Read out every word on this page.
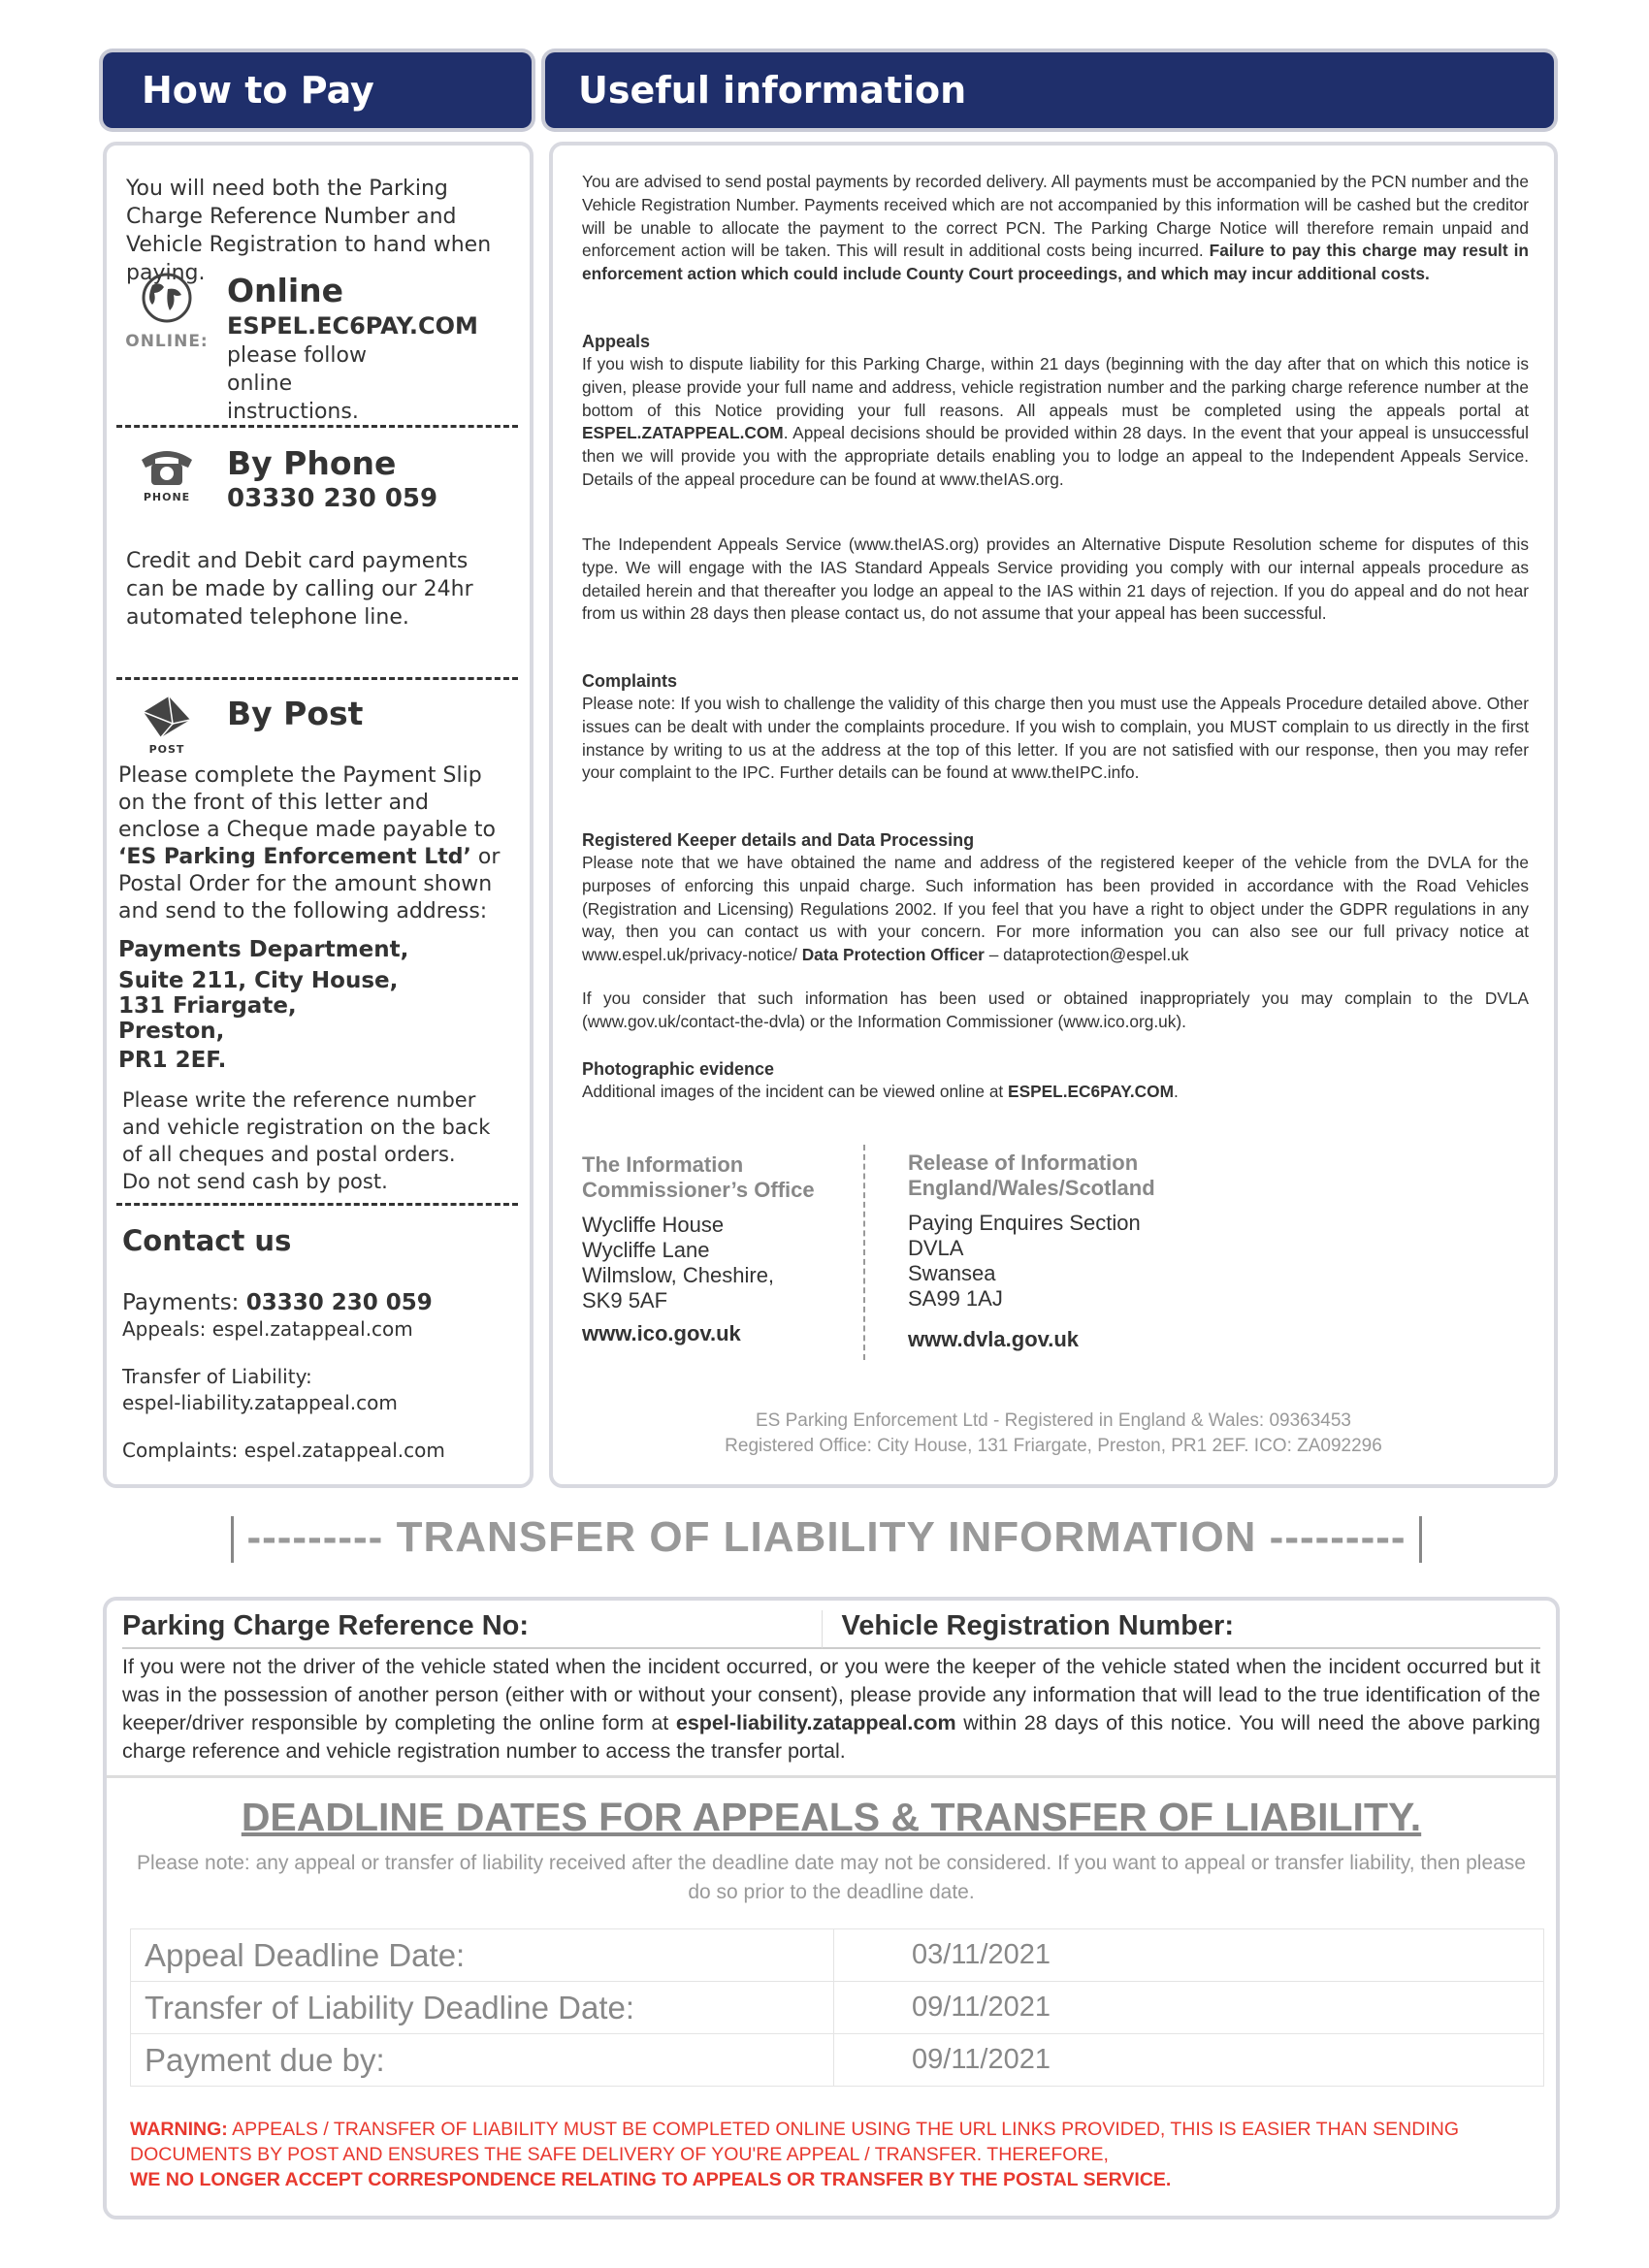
How to Pay	Useful information
You will need both the Parking Charge Reference Number and Vehicle Registration to hand when paying.
ONLINE:
Online
ESPEL.EC6PAY.COM
please follow online instructions.
PHONE
By Phone
03330 230 059
Credit and Debit card payments can be made by calling our 24hr automated telephone line.
POST
By Post
Please complete the Payment Slip on the front of this letter and enclose a Cheque made payable to ‘ES Parking Enforcement Ltd’ or Postal Order for the amount shown and send to the following address:
Payments Department,
Suite 211, City House,
131 Friargate,
Preston,
PR1 2EF.
Please write the reference number and vehicle registration on the back of all cheques and postal orders.
Do not send cash by post.
Contact us
Payments: 03330 230 059
Appeals: espel.zatappeal.com
Transfer of Liability:
espel-liability.zatappeal.com
Complaints: espel.zatappeal.com
You are advised to send postal payments by recorded delivery. All payments must be accompanied by the PCN number and the Vehicle Registration Number. Payments received which are not accompanied by this information will be cashed but the creditor will be unable to allocate the payment to the correct PCN. The Parking Charge Notice will therefore remain unpaid and enforcement action will be taken. This will result in additional costs being incurred. Failure to pay this charge may result in enforcement action which could include County Court proceedings, and which may incur additional costs.
Appeals
If you wish to dispute liability for this Parking Charge, within 21 days (beginning with the day after that on which this notice is given, please provide your full name and address, vehicle registration number and the parking charge reference number at the bottom of this Notice providing your full reasons. All appeals must be completed using the appeals portal at ESPEL.ZATAPPEAL.COM. Appeal decisions should be provided within 28 days. In the event that your appeal is unsuccessful then we will provide you with the appropriate details enabling you to lodge an appeal to the Independent Appeals Service. Details of the appeal procedure can be found at www.theIAS.org.
The Independent Appeals Service (www.theIAS.org) provides an Alternative Dispute Resolution scheme for disputes of this type. We will engage with the IAS Standard Appeals Service providing you comply with our internal appeals procedure as detailed herein and that thereafter you lodge an appeal to the IAS within 21 days of rejection. If you do appeal and do not hear from us within 28 days then please contact us, do not assume that your appeal has been successful.
Complaints
Please note: If you wish to challenge the validity of this charge then you must use the Appeals Procedure detailed above. Other issues can be dealt with under the complaints procedure. If you wish to complain, you MUST complain to us directly in the first instance by writing to us at the address at the top of this letter. If you are not satisfied with our response, then you may refer your complaint to the IPC. Further details can be found at www.theIPC.info.
Registered Keeper details and Data Processing
Please note that we have obtained the name and address of the registered keeper of the vehicle from the DVLA for the purposes of enforcing this unpaid charge. Such information has been provided in accordance with the Road Vehicles (Registration and Licensing) Regulations 2002. If you feel that you have a right to object under the GDPR regulations in any way, then you can contact us with your concern. For more information you can also see our full privacy notice at www.espel.uk/privacy-notice/ Data Protection Officer – dataprotection@espel.uk
If you consider that such information has been used or obtained inappropriately you may complain to the DVLA (www.gov.uk/contact-the-dvla) or the Information Commissioner (www.ico.org.uk).
Photographic evidence
Additional images of the incident can be viewed online at ESPEL.EC6PAY.COM.
The Information
Commissioner’s Office
Wycliffe House
Wycliffe Lane
Wilmslow, Cheshire,
SK9 5AF
www.ico.gov.uk
Release of Information
England/Wales/Scotland
Paying Enquires Section
DVLA
Swansea
SA99 1AJ
www.dvla.gov.uk
ES Parking Enforcement Ltd - Registered in England & Wales: 09363453
Registered Office: City House, 131 Friargate, Preston, PR1 2EF. ICO: ZA092296
--------- TRANSFER OF LIABILITY INFORMATION ---------
Parking Charge Reference No:	Vehicle Registration Number:
If you were not the driver of the vehicle stated when the incident occurred, or you were the keeper of the vehicle stated when the incident occurred but it was in the possession of another person (either with or without your consent), please provide any information that will lead to the true identification of the keeper/driver responsible by completing the online form at espel-liability.zatappeal.com within 28 days of this notice. You will need the above parking charge reference and vehicle registration number to access the transfer portal.
DEADLINE DATES FOR APPEALS & TRANSFER OF LIABILITY.
Please note: any appeal or transfer of liability received after the deadline date may not be considered. If you want to appeal or transfer liability, then please do so prior to the deadline date.
Appeal Deadline Date:	03/11/2021
Transfer of Liability Deadline Date:	09/11/2021
Payment due by:	09/11/2021
WARNING: APPEALS / TRANSFER OF LIABILITY MUST BE COMPLETED ONLINE USING THE URL LINKS PROVIDED, THIS IS EASIER THAN SENDING DOCUMENTS BY POST AND ENSURES THE SAFE DELIVERY OF YOU'RE APPEAL / TRANSFER. THEREFORE,
WE NO LONGER ACCEPT CORRESPONDENCE RELATING TO APPEALS OR TRANSFER BY THE POSTAL SERVICE.
